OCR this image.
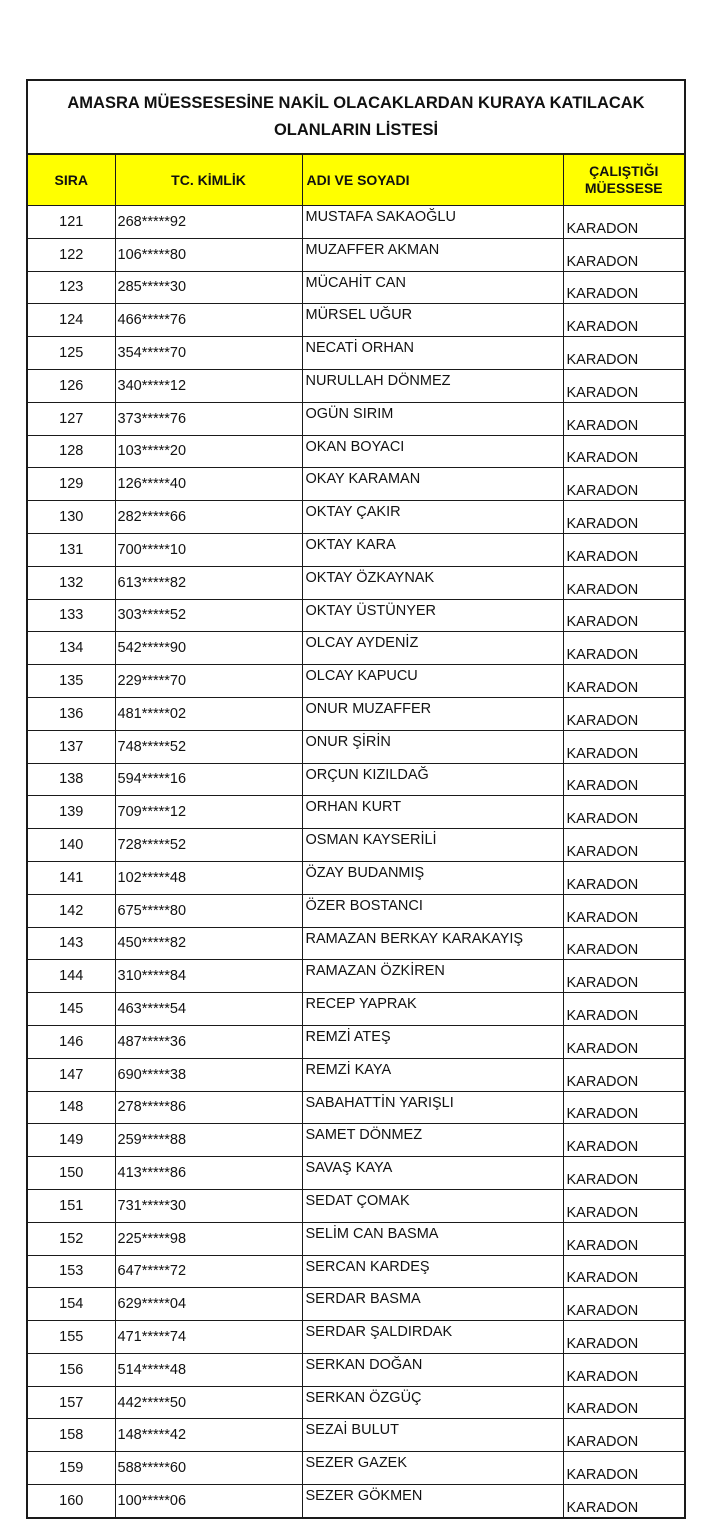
AMASRA MÜESSESESİNE NAKİL OLACAKLARDAN KURAYA KATILACAK
OLANLARIN LİSTESİ
SIRA	TC. KİMLİK	ADI VE SOYADI	ÇALIŞTIĞI
MÜESSESE

121	268*****92	MUSTAFA SAKAOĞLU	KARADON
122	106*****80	MUZAFFER AKMAN	KARADON
123	285*****30	MÜCAHİT CAN	KARADON
124	466*****76	MÜRSEL UĞUR	KARADON
125	354*****70	NECATİ ORHAN	KARADON
126	340*****12	NURULLAH DÖNMEZ	KARADON
127	373*****76	OGÜN SIRIM	KARADON
128	103*****20	OKAN BOYACI	KARADON
129	126*****40	OKAY KARAMAN	KARADON
130	282*****66	OKTAY ÇAKIR	KARADON
131	700*****10	OKTAY KARA	KARADON
132	613*****82	OKTAY ÖZKAYNAK	KARADON
133	303*****52	OKTAY ÜSTÜNYER	KARADON
134	542*****90	OLCAY AYDENİZ	KARADON
135	229*****70	OLCAY KAPUCU	KARADON
136	481*****02	ONUR MUZAFFER	KARADON
137	748*****52	ONUR ŞİRİN	KARADON
138	594*****16	ORÇUN KIZILDAĞ	KARADON
139	709*****12	ORHAN KURT	KARADON
140	728*****52	OSMAN KAYSERİLİ	KARADON
141	102*****48	ÖZAY BUDANMIŞ	KARADON
142	675*****80	ÖZER BOSTANCI	KARADON
143	450*****82	RAMAZAN BERKAY KARAKAYIŞ	KARADON
144	310*****84	RAMAZAN ÖZKİREN	KARADON
145	463*****54	RECEP YAPRAK	KARADON
146	487*****36	REMZİ ATEŞ	KARADON
147	690*****38	REMZİ KAYA	KARADON
148	278*****86	SABAHATTİN YARIŞLI	KARADON
149	259*****88	SAMET DÖNMEZ	KARADON
150	413*****86	SAVAŞ KAYA	KARADON
151	731*****30	SEDAT ÇOMAK	KARADON
152	225*****98	SELİM CAN BASMA	KARADON
153	647*****72	SERCAN KARDEŞ	KARADON
154	629*****04	SERDAR BASMA	KARADON
155	471*****74	SERDAR ŞALDIRDAK	KARADON
156	514*****48	SERKAN DOĞAN	KARADON
157	442*****50	SERKAN ÖZGÜÇ	KARADON
158	148*****42	SEZAİ BULUT	KARADON
159	588*****60	SEZER GAZEK	KARADON
160	100*****06	SEZER GÖKMEN	KARADON
